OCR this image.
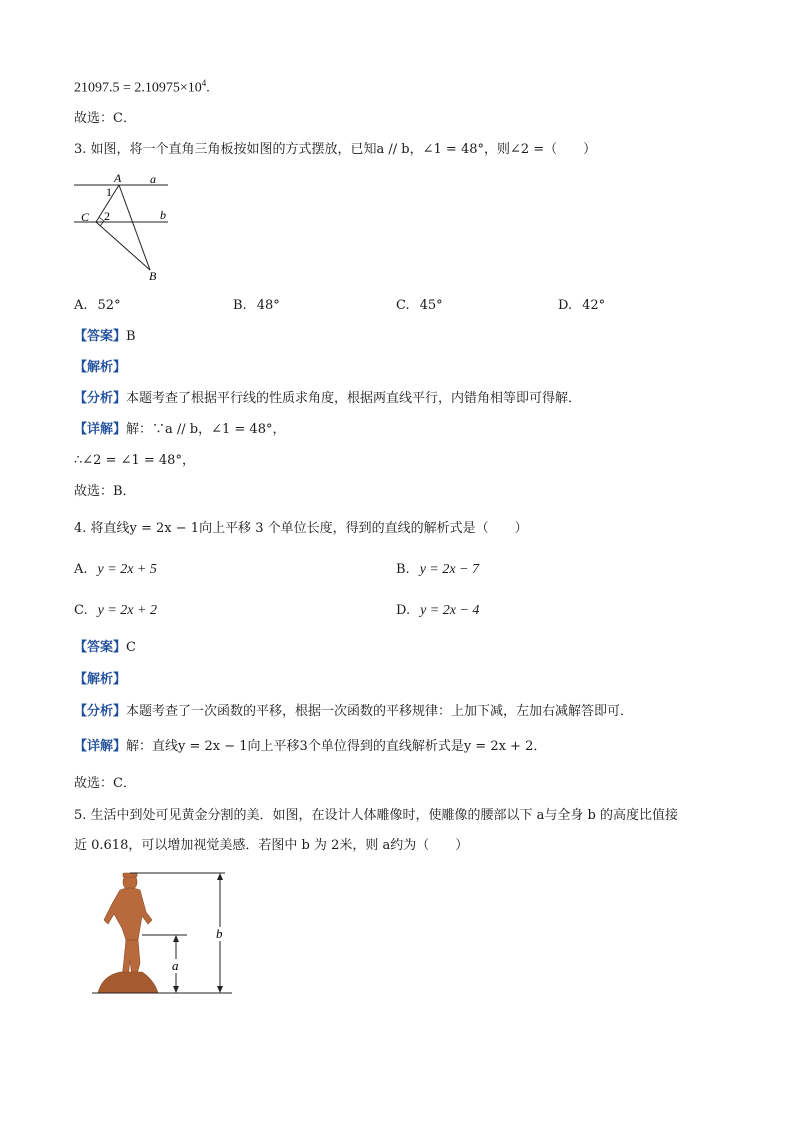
$21097.5 = 2.10975\times 10^4$.
故选：C．
3. 如图，将一个直角三角板按如图的方式摆放，已知a // b，∠1 = 48°，则∠2 =（　　）
A a
1
C 2	b
B
A. 52°	B. 48°	C. 45°	D. 42°
【答案】B
【解析】
【分析】本题考查了根据平行线的性质求角度，根据两直线平行，内错角相等即可得解．
【详解】解：∵a // b，∠1 = 48°，
∴∠2 = ∠1 = 48°，
故选：B．
4. 将直线y = 2x − 1向上平移 3 个单位长度，得到的直线的解析式是（　　）
A. y = 2x + 5	B. y = 2x − 7
C. y = 2x + 2	D. y = 2x − 4
【答案】C
【解析】
【分析】本题考查了一次函数的平移，根据一次函数的平移规律：上加下减，左加右减解答即可．
【详解】解：直线y = 2x − 1向上平移3个单位得到的直线解析式是y = 2x + 2．
故选：C．
5. 生活中到处可见黄金分割的美．如图，在设计人体雕像时，使雕像的腰部以下 a与全身 b 的高度比值接
近 0.618，可以增加视觉美感．若图中 b 为 2米，则 a约为（　　）
a
b
